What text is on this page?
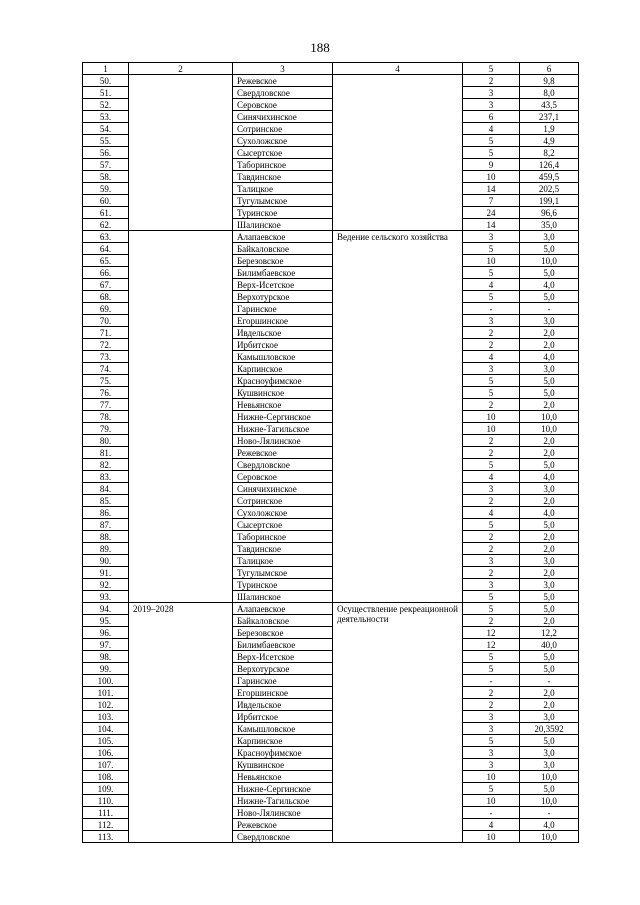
188
1	2	3	4	5	6
50.		Режевское		2	9,8
51.		Свердловское		3	8,0
52.		Серовское		3	43,5
53.		Синячихинское		6	237,1
54.		Сотринское		4	1,9
55.		Сухоложское		5	4,9
56.		Сысертское		5	8,2
57.		Таборинское		9	126,4
58.		Тавдинское		10	459,5
59.		Талицкое		14	202,5
60.		Тугулымское		7	199,1
61.		Туринское		24	96,6
62.		Шалинское		14	35,0
63.		Алапаевское	Ведение сельского хозяйства	3	3,0
64.		Байкаловское		5	5,0
65.		Березовское		10	10,0
66.		Билимбаевское		5	5,0
67.		Верх-Исетское		4	4,0
68.		Верхотурское		5	5,0
69.		Гаринское		-	-
70.		Егоршинское		3	3,0
71.		Ивдельское		2	2,0
72.		Ирбитское		2	2,0
73.		Камышловское		4	4,0
74.		Карпинское		3	3,0
75.		Красноуфимское		5	5,0
76.		Кушвинское		5	5,0
77.		Невьянское		2	2,0
78.		Нижне-Сергинское		10	10,0
79.		Нижне-Тагильское		10	10,0
80.		Ново-Лялинское		2	2,0
81.		Режевское		2	2,0
82.		Свердловское		5	5,0
83.		Серовское		4	4,0
84.		Синячихинское		3	3,0
85.		Сотринское		2	2,0
86.		Сухоложское		4	4,0
87.		Сысертское		5	5,0
88.		Таборинское		2	2,0
89.		Тавдинское		2	2,0
90.		Талицкое		3	3,0
91.		Тугулымское		2	2,0
92.		Туринское		3	3,0
93.		Шалинское		5	5,0
94.	2019–2028	Алапаевское	Осуществление рекреационной деятельности	5	5,0
95.		Байкаловское		2	2,0
96.		Березовское		12	12,2
97.		Билимбаевское		12	40,0
98.		Верх-Исетское		5	5,0
99.		Верхотурское		5	5,0
100.		Гаринское		-	-
101.		Егоршинское		2	2,0
102.		Ивдельское		2	2,0
103.		Ирбитское		3	3,0
104.		Камышловское		3	20,3592
105.		Карпинское		5	5,0
106.		Красноуфимское		3	3,0
107.		Кушвинское		3	3,0
108.		Невьянское		10	10,0
109.		Нижне-Сергинское		5	5,0
110.		Нижне-Тагильское		10	10,0
111.		Ново-Лялинское		-	-
112.		Режевское		4	4,0
113.		Свердловское		10	10,0
